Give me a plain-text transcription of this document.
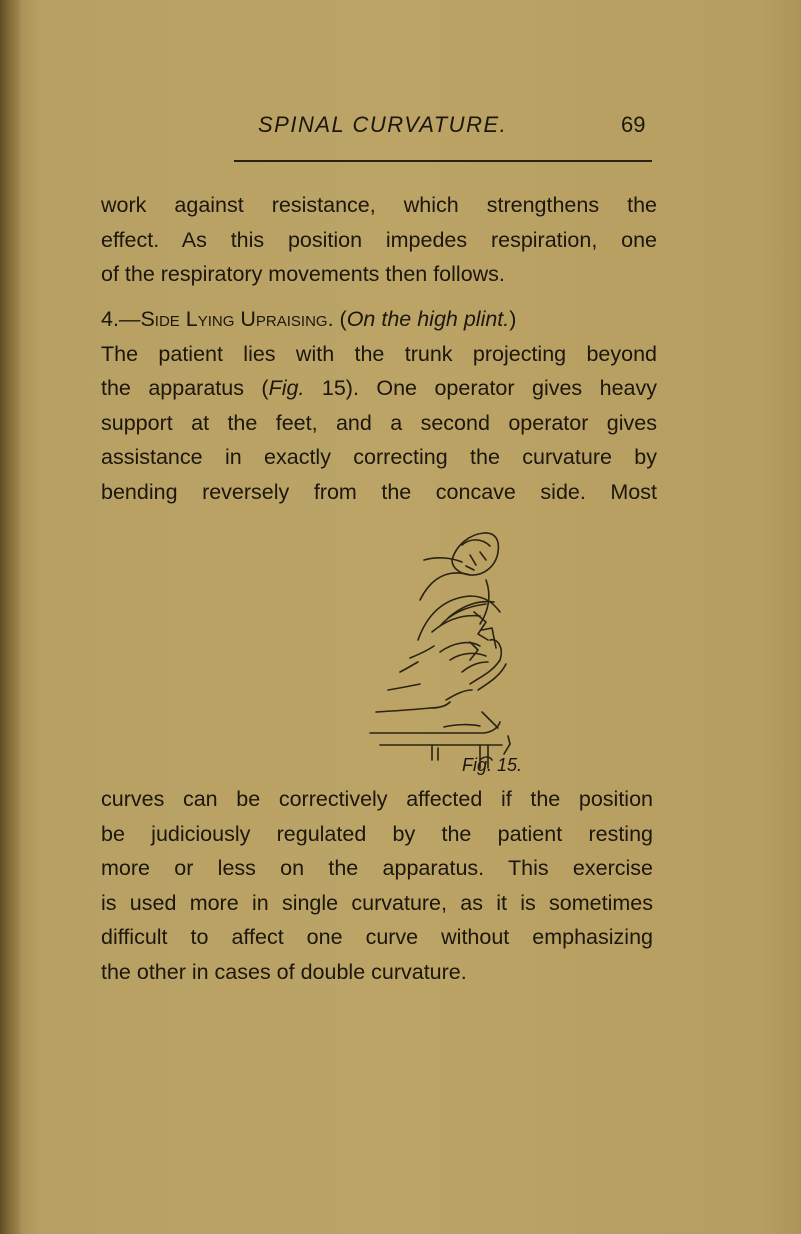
SPINAL CURVATURE.	69

work against resistance, which strengthens the
effect. As this position impedes respiration, one
of the respiratory movements then follows.

4.—Side Lying Upraising. (On the high plint.)
The patient lies with the trunk projecting beyond
the apparatus (Fig. 15). One operator gives heavy
support at the feet, and a second operator gives
assistance in exactly correcting the curvature by
bending reversely from the concave side. Most

Fig. 15.

curves can be correctively affected if the position
be judiciously regulated by the patient resting
more or less on the apparatus. This exercise
is used more in single curvature, as it is sometimes
difficult to affect one curve without emphasizing
the other in cases of double curvature.
